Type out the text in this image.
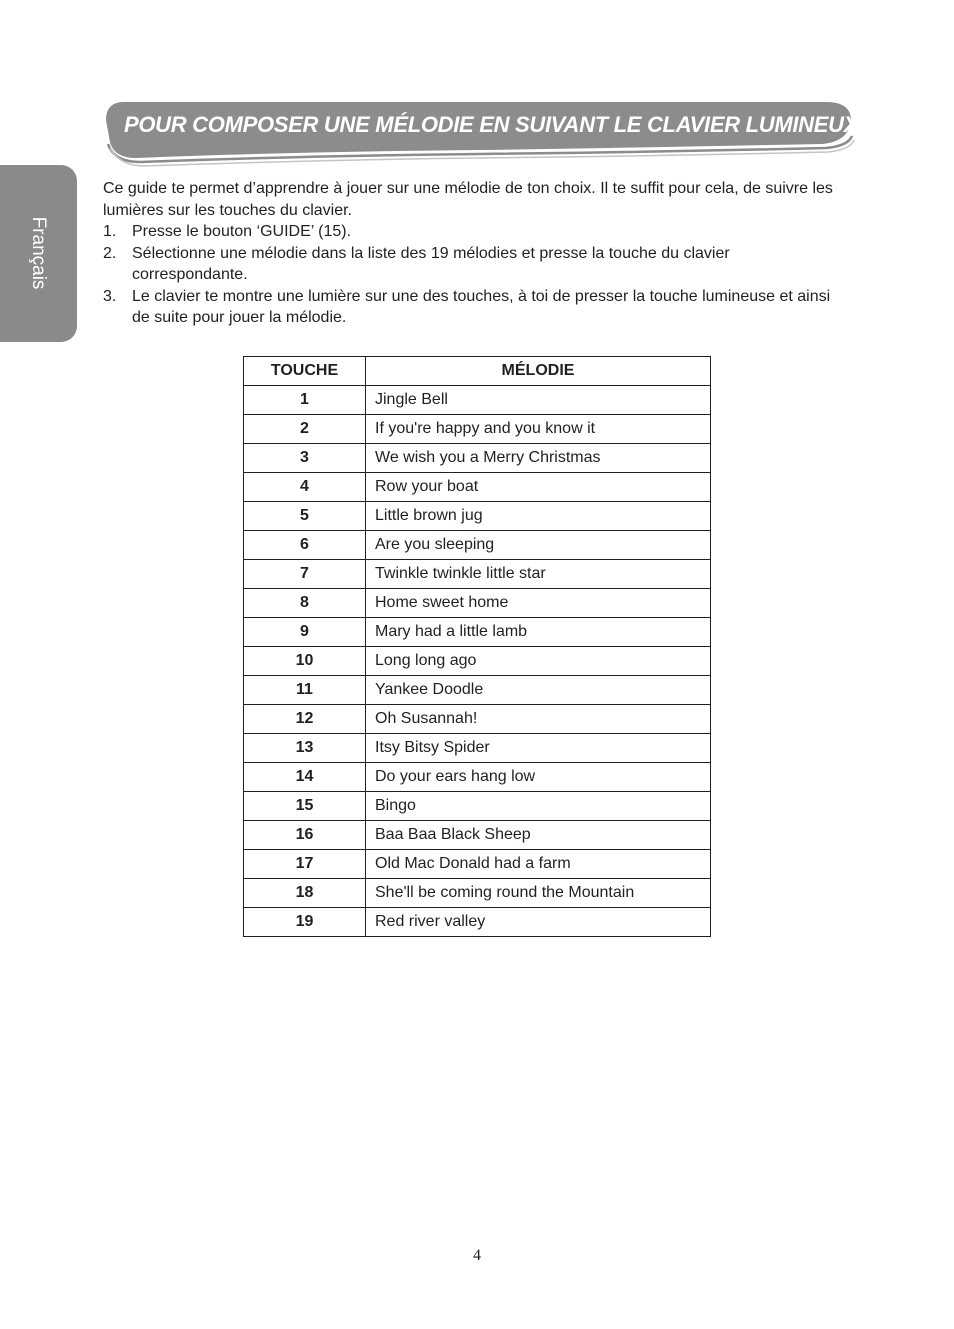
Français
POUR COMPOSER UNE MÉLODIE EN SUIVANT LE CLAVIER LUMINEUX

Ce guide te permet d’apprendre à jouer sur une mélodie de ton choix. Il te suffit pour cela, de suivre les lumières sur les touches du clavier.

1. Presse le bouton ‘GUIDE’ (15).
2. Sélectionne une mélodie dans la liste des 19 mélodies et presse la touche du clavier correspondante.
3. Le clavier te montre une lumière sur une des touches, à toi de presser la touche lumineuse et ainsi de suite pour jouer la mélodie.
TOUCHE	MÉLODIE
1	Jingle Bell
2	If you're happy and you know it
3	We wish you a Merry Christmas
4	Row your boat
5	Little brown jug
6	Are you sleeping
7	Twinkle twinkle little star
8	Home sweet home
9	Mary had a little lamb
10	Long long ago
11	Yankee Doodle
12	Oh Susannah!
13	Itsy Bitsy Spider
14	Do your ears hang low
15	Bingo
16	Baa Baa Black Sheep
17	Old Mac Donald had a farm
18	She'll be coming round the Mountain
19	Red river valley
4
